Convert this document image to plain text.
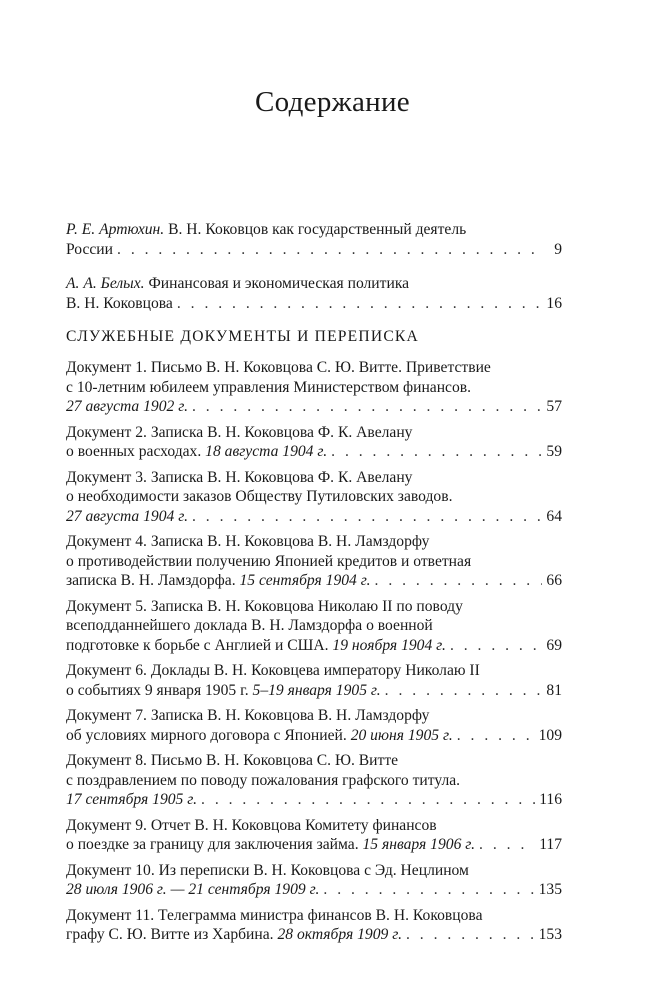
Содержание
Р. Е. Артюхин. В. Н. Коковцов как государственный деятель
России . . .	9
А. А. Белых. Финансовая и экономическая политика
В. Н. Коковцова . . .	16
СЛУЖЕБНЫЕ ДОКУМЕНТЫ И ПЕРЕПИСКА
Документ 1. Письмо В. Н. Коковцова С. Ю. Витте. Приветствие
с 10-летним юбилеем управления Министерством финансов.
27 августа 1902 г. . . .	57
Документ 2. Записка В. Н. Коковцова Ф. К. Авелану
о военных расходах. 18 августа 1904 г. . . .	59
Документ 3. Записка В. Н. Коковцова Ф. К. Авелану
о необходимости заказов Обществу Путиловских заводов.
27 августа 1904 г. . . .	64
Документ 4. Записка В. Н. Коковцова В. Н. Ламздорфу
о противодействии получению Японией кредитов и ответная
записка В. Н. Ламздорфа. 15 сентября 1904 г. . . .	66
Документ 5. Записка В. Н. Коковцова Николаю II по поводу
всеподданнейшего доклада В. Н. Ламздорфа о военной
подготовке к борьбе с Англией и США. 19 ноября 1904 г. . . .	69
Документ 6. Доклады В. Н. Коковцева императору Николаю II
о событиях 9 января 1905 г. 5–19 января 1905 г. . . .	81
Документ 7. Записка В. Н. Коковцова В. Н. Ламздорфу
об условиях мирного договора с Японией. 20 июня 1905 г. . . .	109
Документ 8. Письмо В. Н. Коковцова С. Ю. Витте
с поздравлением по поводу пожалования графского титула.
17 сентября 1905 г. . . .	116
Документ 9. Отчет В. Н. Коковцова Комитету финансов
о поездке за границу для заключения займа. 15 января 1906 г. . . .	117
Документ 10. Из переписки В. Н. Коковцова с Эд. Нецлином
28 июля 1906 г. — 21 сентября 1909 г. . . .	135
Документ 11. Телеграмма министра финансов В. Н. Коковцова
графу С. Ю. Витте из Харбина. 28 октября 1909 г. . . .	153
